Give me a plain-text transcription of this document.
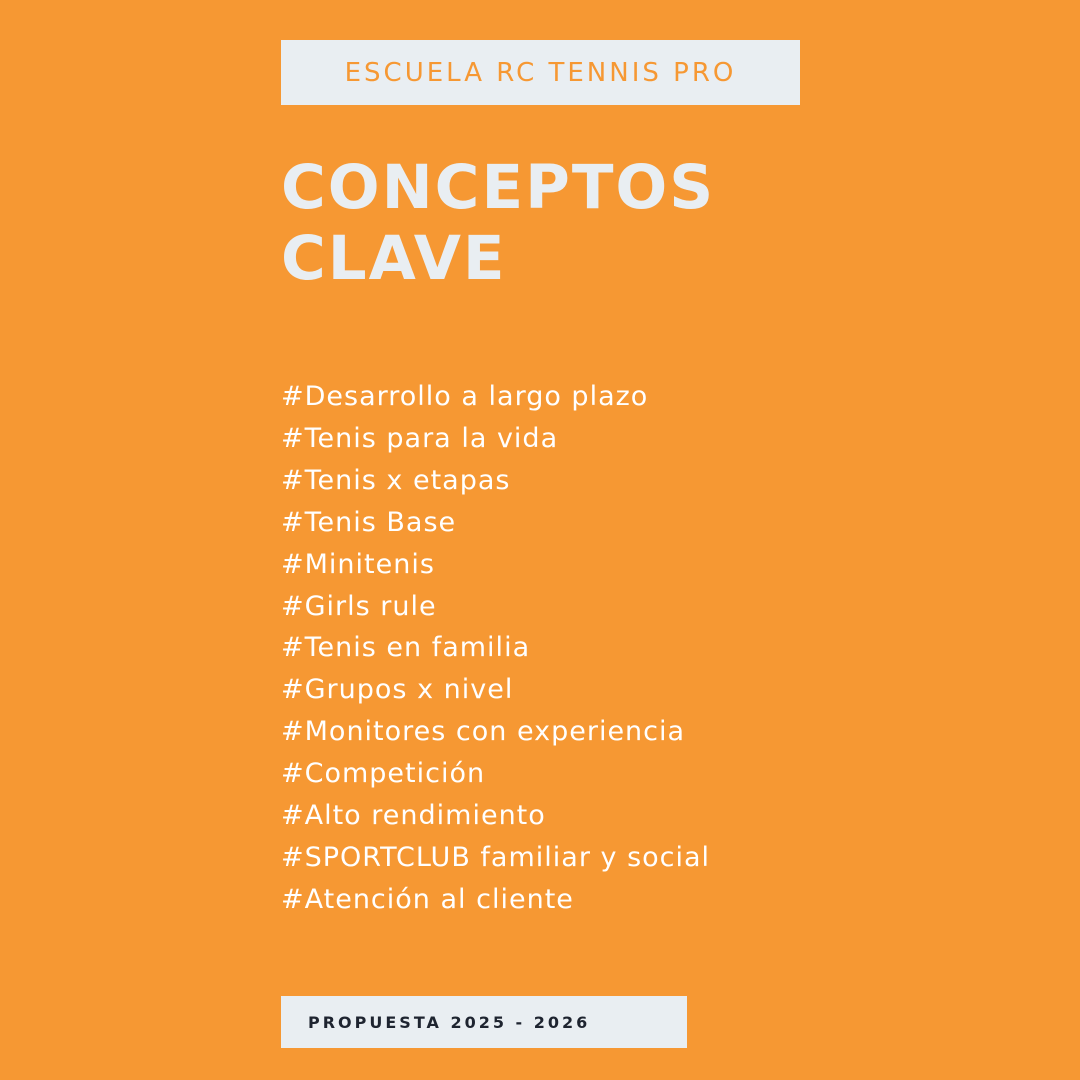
ESCUELA RC TENNIS PRO
CONCEPTOS
CLAVE
#Desarrollo a largo plazo
#Tenis para la vida
#Tenis x etapas
#Tenis Base
#Minitenis
#Girls rule
#Tenis en familia
#Grupos x nivel
#Monitores con experiencia
#Competición
#Alto rendimiento
#SPORTCLUB familiar y social
#Atención al cliente
PROPUESTA 2025 - 2026
